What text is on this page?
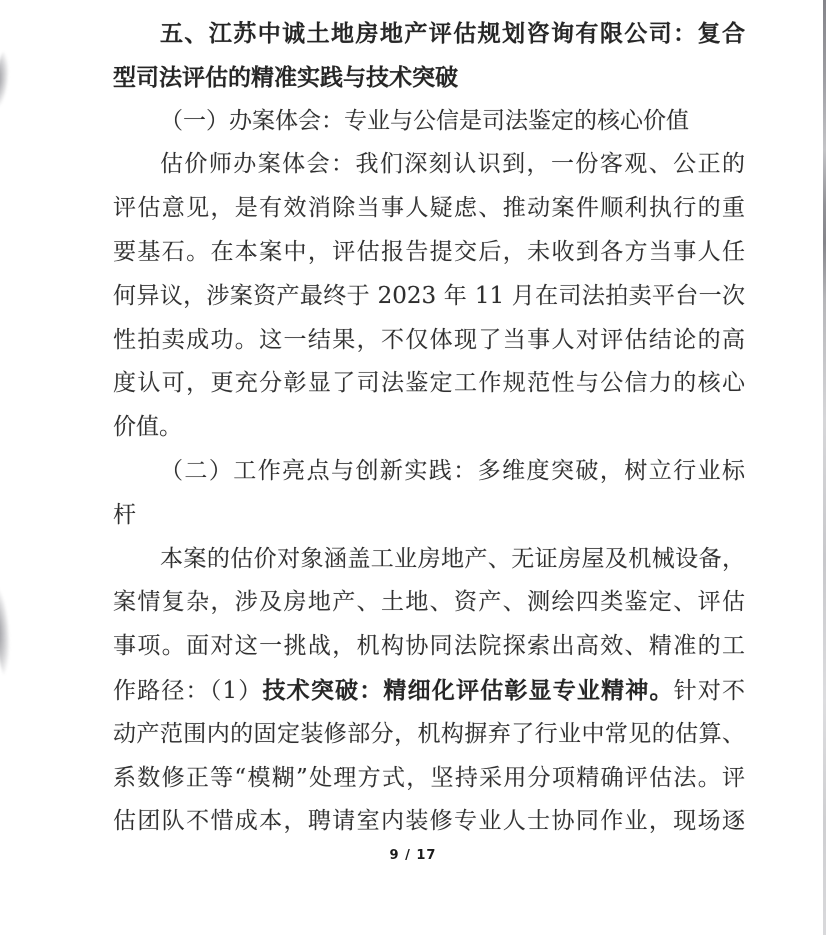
五、江苏中诚土地房地产评估规划咨询有限公司：复合
型司法评估的精准实践与技术突破
（一）办案体会：专业与公信是司法鉴定的核心价值
估价师办案体会：我们深刻认识到，一份客观、公正的
评估意见，是有效消除当事人疑虑、推动案件顺利执行的重
要基石。在本案中，评估报告提交后，未收到各方当事人任
何异议，涉案资产最终于 2023 年 11 月在司法拍卖平台一次
性拍卖成功。这一结果，不仅体现了当事人对评估结论的高
度认可，更充分彰显了司法鉴定工作规范性与公信力的核心
价值。
（二）工作亮点与创新实践：多维度突破，树立行业标
杆
本案的估价对象涵盖工业房地产、无证房屋及机械设备，
案情复杂，涉及房地产、土地、资产、测绘四类鉴定、评估
事项。面对这一挑战，机构协同法院探索出高效、精准的工
作路径：（1）技术突破：精细化评估彰显专业精神。针对不
动产范围内的固定装修部分，机构摒弃了行业中常见的估算、
系数修正等“模糊”处理方式，坚持采用分项精确评估法。评
估团队不惜成本，聘请室内装修专业人士协同作业，现场逐
9 / 17
